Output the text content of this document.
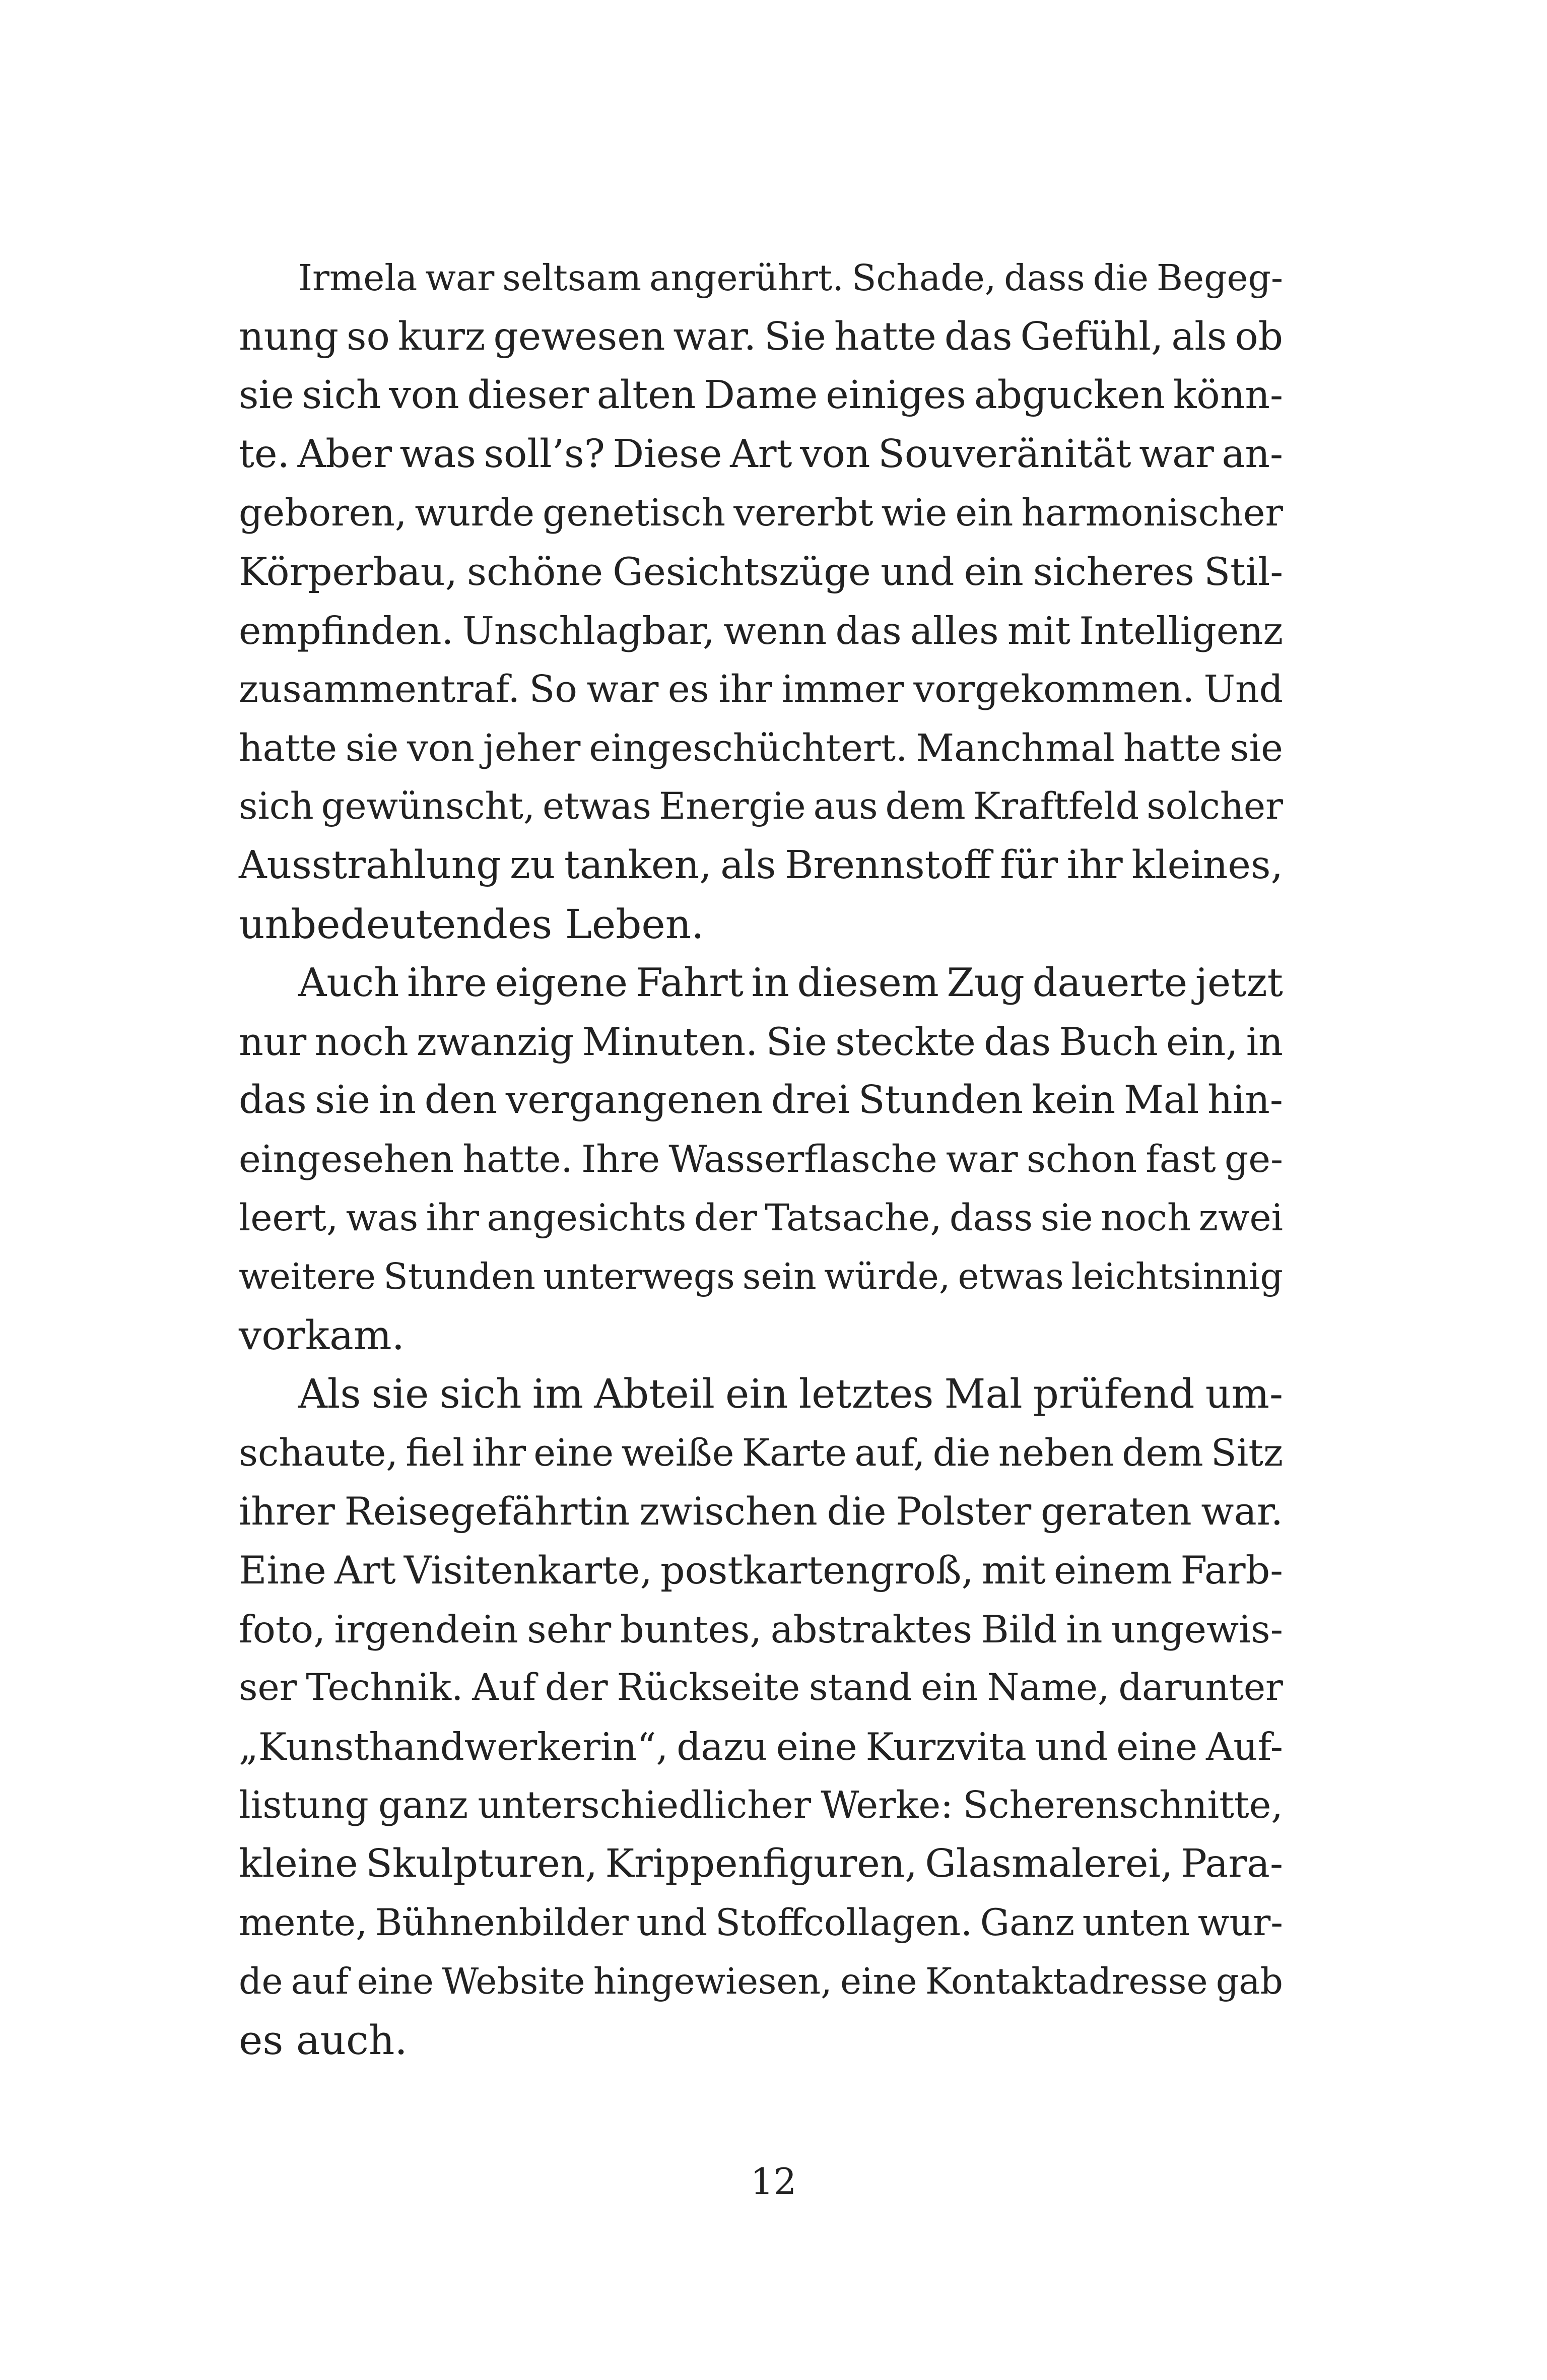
Irmela war seltsam angerührt. Schade, dass die Begeg-
nung so kurz gewesen war. Sie hatte das Gefühl, als ob
sie sich von dieser alten Dame einiges abgucken könn-
te. Aber was soll’s? Diese Art von Souveränität war an-
geboren, wurde genetisch vererbt wie ein harmonischer
Körperbau, schöne Gesichtszüge und ein sicheres Stil-
empfinden. Unschlagbar, wenn das alles mit Intelligenz
zusammentraf. So war es ihr immer vorgekommen. Und
hatte sie von jeher eingeschüchtert. Manchmal hatte sie
sich gewünscht, etwas Energie aus dem Kraftfeld solcher
Ausstrahlung zu tanken, als Brennstoff für ihr kleines,
unbedeutendes Leben.
Auch ihre eigene Fahrt in diesem Zug dauerte jetzt
nur noch zwanzig Minuten. Sie steckte das Buch ein, in
das sie in den vergangenen drei Stunden kein Mal hin-
eingesehen hatte. Ihre Wasserflasche war schon fast ge-
leert, was ihr angesichts der Tatsache, dass sie noch zwei
weitere Stunden unterwegs sein würde, etwas leichtsinnig
vorkam.
Als sie sich im Abteil ein letztes Mal prüfend um-
schaute, fiel ihr eine weiße Karte auf, die neben dem Sitz
ihrer Reisegefährtin zwischen die Polster geraten war.
Eine Art Visitenkarte, postkartengroß, mit einem Farb-
foto, irgendein sehr buntes, abstraktes Bild in ungewis-
ser Technik. Auf der Rückseite stand ein Name, darunter
„Kunsthandwerkerin“, dazu eine Kurzvita und eine Auf-
listung ganz unterschiedlicher Werke: Scherenschnitte,
kleine Skulpturen, Krippenfiguren, Glasmalerei, Para-
mente, Bühnenbilder und Stoffcollagen. Ganz unten wur-
de auf eine Website hingewiesen, eine Kontaktadresse gab
es auch.
12
